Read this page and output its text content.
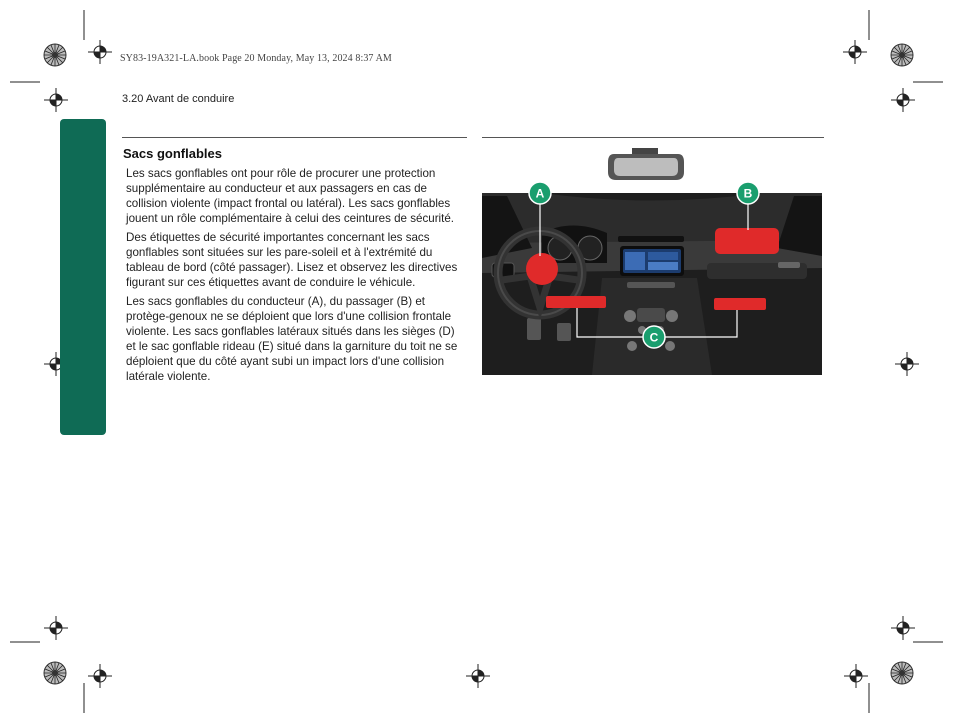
SY83-19A321-LA.book Page 20 Monday, May 13, 2024 8:37 AM
3.20 Avant de conduire
Sacs gonflables

Les sacs gonflables ont pour rôle de procurer une protection supplémentaire au conducteur et aux passagers en cas de collision violente (impact frontal ou latéral). Les sacs gonflables jouent un rôle complémentaire à celui des ceintures de sécurité.

Des étiquettes de sécurité importantes concernant les sacs gonflables sont situées sur les pare-soleil et à l'extrémité du tableau de bord (côté passager). Lisez et observez les directives figurant sur ces étiquettes avant de conduire le véhicule.

Les sacs gonflables du conducteur (A), du passager (B) et protège-genoux ne se déploient que lors d'une collision frontale violente. Les sacs gonflables latéraux situés dans les sièges (D) et le sac gonflable rideau (E) situé dans la garniture du toit ne se déploient que du côté ayant subi un impact lors d'une collision latérale violente.

A	B
C
